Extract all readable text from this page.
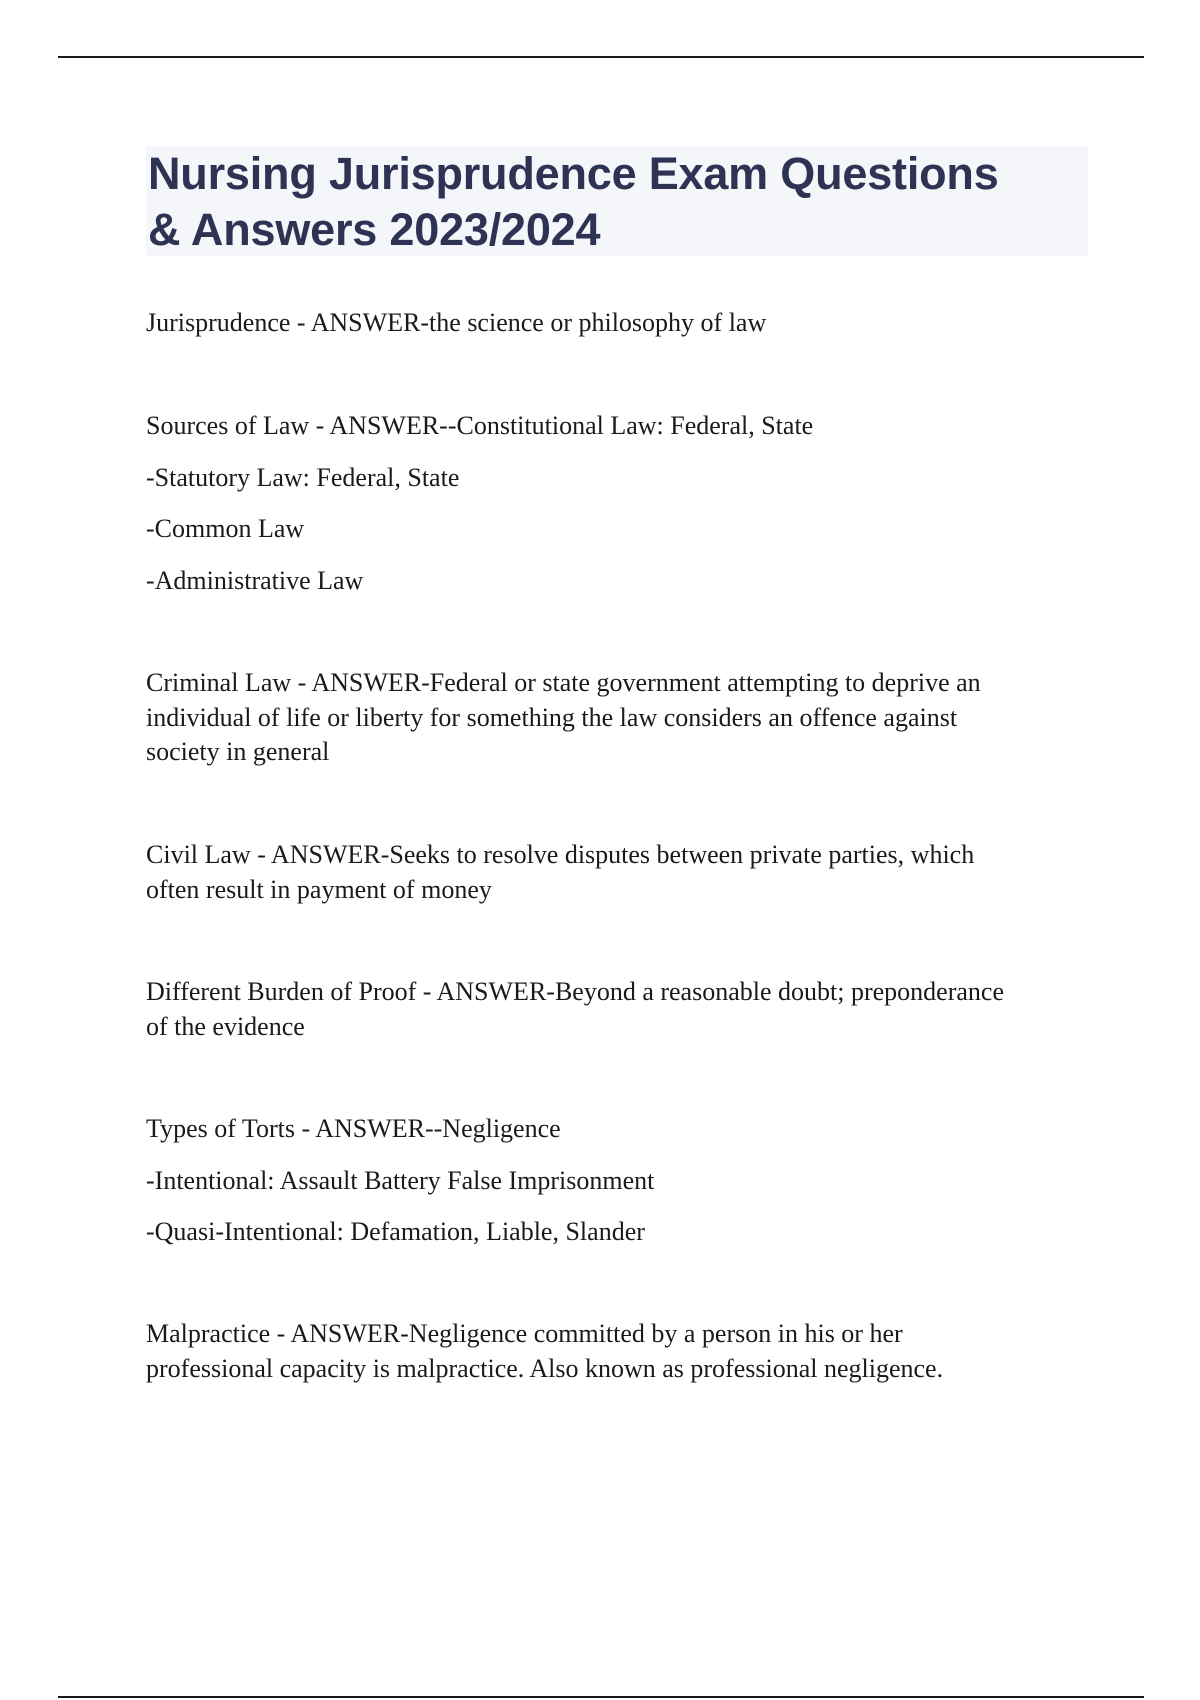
Nursing Jurisprudence Exam Questions
& Answers 2023/2024

Jurisprudence - ANSWER-the science or philosophy of law

Sources of Law - ANSWER--Constitutional Law: Federal, State
-Statutory Law: Federal, State
-Common Law
-Administrative Law

Criminal Law - ANSWER-Federal or state government attempting to deprive an
individual of life or liberty for something the law considers an offence against
society in general

Civil Law - ANSWER-Seeks to resolve disputes between private parties, which
often result in payment of money

Different Burden of Proof - ANSWER-Beyond a reasonable doubt; preponderance
of the evidence

Types of Torts - ANSWER--Negligence
-Intentional: Assault Battery False Imprisonment
-Quasi-Intentional: Defamation, Liable, Slander

Malpractice - ANSWER-Negligence committed by a person in his or her
professional capacity is malpractice. Also known as professional negligence.
